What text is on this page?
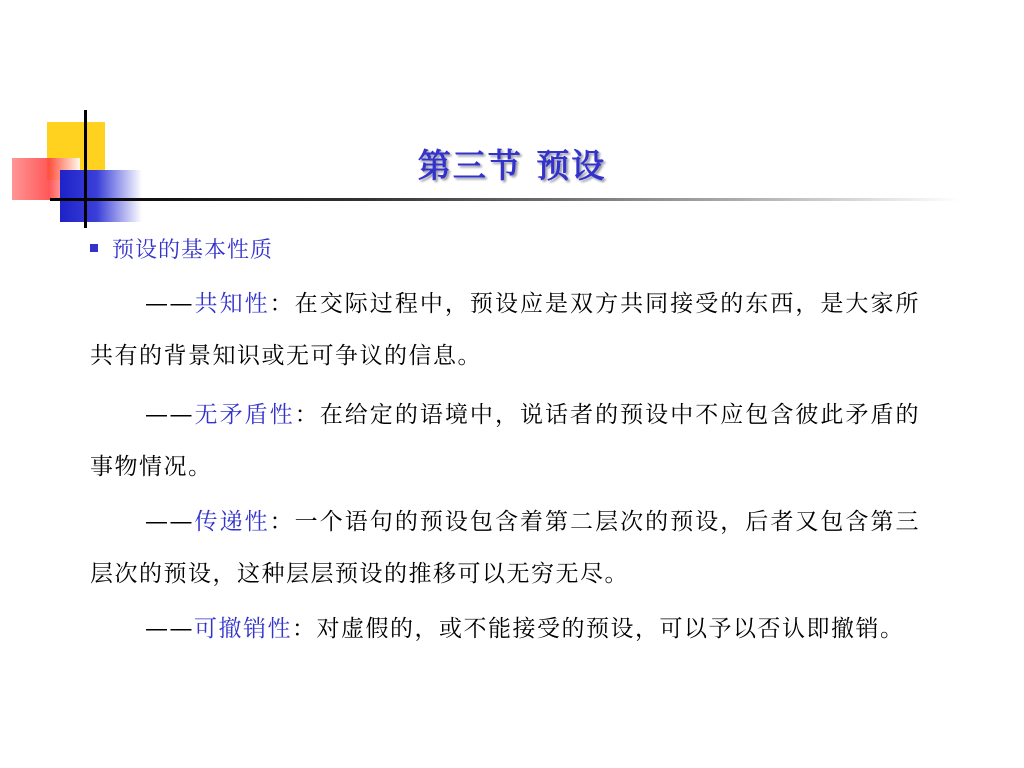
第三节 预设
预设的基本性质
——共知性：在交际过程中，预设应是双方共同接受的东西，是大家所共有的背景知识或无可争议的信息。
——无矛盾性：在给定的语境中，说话者的预设中不应包含彼此矛盾的事物情况。
——传递性：一个语句的预设包含着第二层次的预设，后者又包含第三层次的预设，这种层层预设的推移可以无穷无尽。
——可撤销性：对虚假的，或不能接受的预设，可以予以否认即撤销。
